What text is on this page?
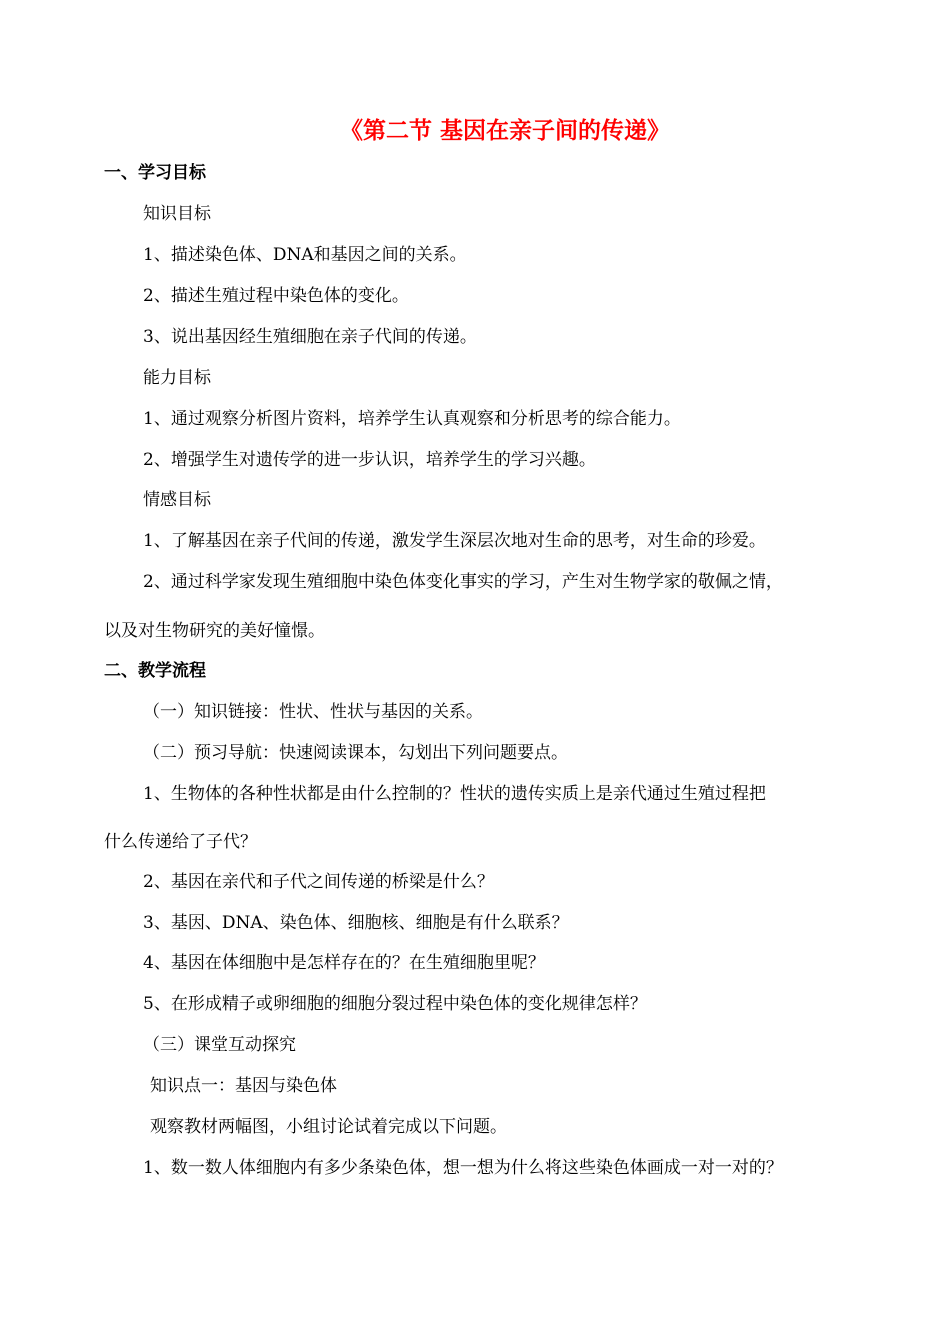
《第二节 基因在亲子间的传递》
一、学习目标
知识目标
1、描述染色体、DNA和基因之间的关系。
2、描述生殖过程中染色体的变化。
3、说出基因经生殖细胞在亲子代间的传递。
能力目标
1、通过观察分析图片资料，培养学生认真观察和分析思考的综合能力。
2、增强学生对遗传学的进一步认识，培养学生的学习兴趣。
情感目标
1、了解基因在亲子代间的传递，激发学生深层次地对生命的思考，对生命的珍爱。
2、通过科学家发现生殖细胞中染色体变化事实的学习，产生对生物学家的敬佩之情，
以及对生物研究的美好憧憬。
二、教学流程
（一）知识链接：性状、性状与基因的关系。
（二）预习导航：快速阅读课本，勾划出下列问题要点。
1、生物体的各种性状都是由什么控制的？性状的遗传实质上是亲代通过生殖过程把
什么传递给了子代？
2、基因在亲代和子代之间传递的桥梁是什么？
3、基因、DNA、染色体、细胞核、细胞是有什么联系？
4、基因在体细胞中是怎样存在的？在生殖细胞里呢？
5、在形成精子或卵细胞的细胞分裂过程中染色体的变化规律怎样？
（三）课堂互动探究
知识点一：基因与染色体
观察教材两幅图，小组讨论试着完成以下问题。
1、数一数人体细胞内有多少条染色体，想一想为什么将这些染色体画成一对一对的？
